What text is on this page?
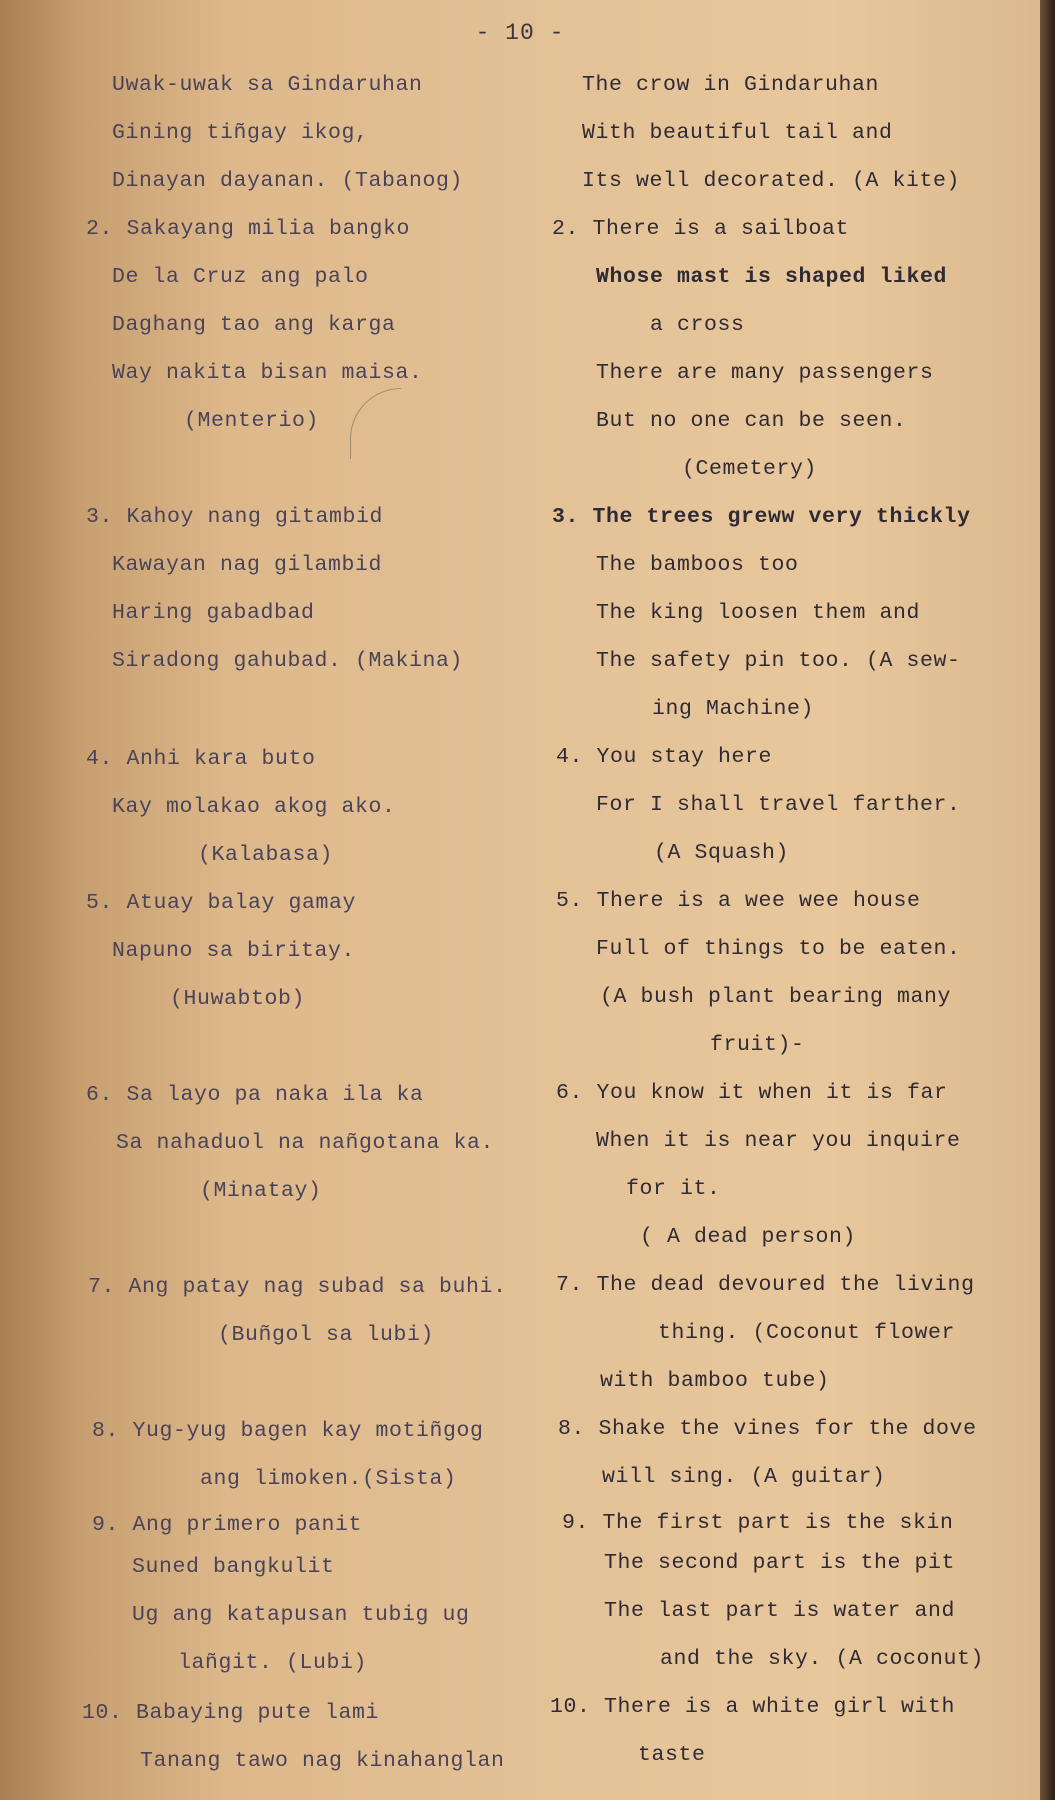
- 10 -
Uwak-uwak sa Gindaruhan
Gining tiñgay ikog,
Dinayan dayanan. (Tabanog)
2. Sakayang milia bangko
De la Cruz ang palo
Daghang tao ang karga
Way nakita bisan maisa.
(Menterio)
3. Kahoy nang gitambid
Kawayan nag gilambid
Haring gabadbad
Siradong gahubad. (Makina)
4. Anhi kara buto
Kay molakao akog ako.
(Kalabasa)
5. Atuay balay gamay
Napuno sa biritay.
(Huwabtob)
6. Sa layo pa naka ila ka
Sa nahaduol na nañgotana ka.
(Minatay)
7. Ang patay nag subad sa buhi.
(Buñgol sa lubi)
8. Yug-yug bagen kay motiñgog
ang limoken.(Sista)
9. Ang primero panit
Suned bangkulit
Ug ang katapusan tubig ug
lañgit. (Lubi)
10. Babaying pute lami
Tanang tawo nag kinahanglan
The crow in Gindaruhan
With beautiful tail and
Its well decorated. (A kite)
2. There is a sailboat
Whose mast is shaped liked
a cross
There are many passengers
But no one can be seen.
(Cemetery)
3. The trees greww very thickly
The bamboos too
The king loosen them and
The safety pin too. (A sew-
ing Machine)
4. You stay here
For I shall travel farther.
(A Squash)
5. There is a wee wee house
Full of things to be eaten.
(A bush plant bearing many
fruit)-
6. You know it when it is far
When it is near you inquire
for it.
( A dead person)
7. The dead devoured the living
thing. (Coconut flower
with bamboo tube)
8. Shake the vines for the dove
will sing. (A guitar)
9. The first part is the skin
The second part is the pit
The last part is water and
and the sky. (A coconut)
10. There is a white girl with
taste
